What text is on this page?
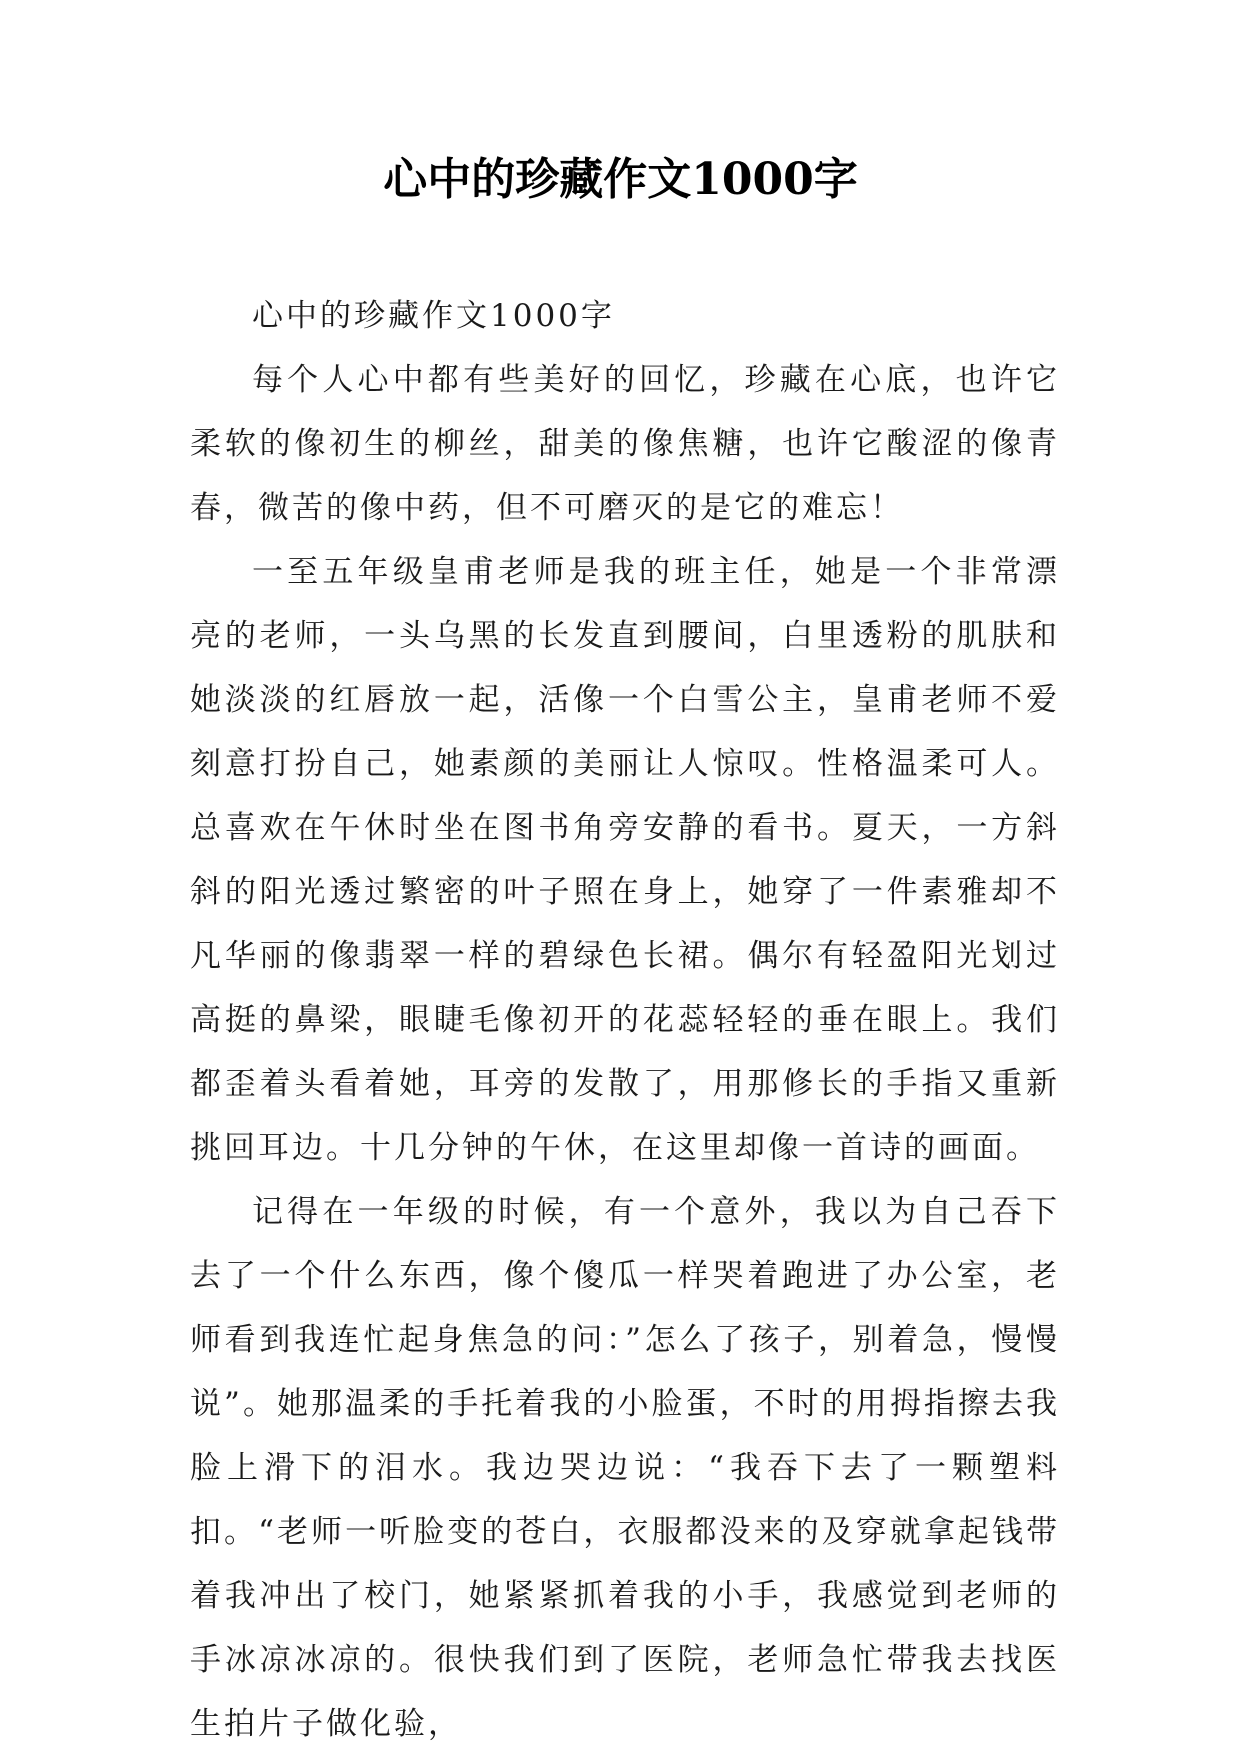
心中的珍藏作文1000字

心中的珍藏作文1000字

每个人心中都有些美好的回忆，珍藏在心底，也许它柔软的像初生的柳丝，甜美的像焦糖，也许它酸涩的像青春，微苦的像中药，但不可磨灭的是它的难忘！

一至五年级皇甫老师是我的班主任，她是一个非常漂亮的老师，一头乌黑的长发直到腰间，白里透粉的肌肤和她淡淡的红唇放一起，活像一个白雪公主，皇甫老师不爱刻意打扮自己，她素颜的美丽让人惊叹。性格温柔可人。总喜欢在午休时坐在图书角旁安静的看书。夏天，一方斜斜的阳光透过繁密的叶子照在身上，她穿了一件素雅却不凡华丽的像翡翠一样的碧绿色长裙。偶尔有轻盈阳光划过高挺的鼻梁，眼睫毛像初开的花蕊轻轻的垂在眼上。我们都歪着头看着她，耳旁的发散了，用那修长的手指又重新挑回耳边。十几分钟的午休，在这里却像一首诗的画面。

记得在一年级的时候，有一个意外，我以为自己吞下去了一个什么东西，像个傻瓜一样哭着跑进了办公室，老师看到我连忙起身焦急的问：”怎么了孩子，别着急，慢慢说”。她那温柔的手托着我的小脸蛋，不时的用拇指擦去我脸上滑下的泪水。我边哭边说：“我吞下去了一颗塑料扣。“老师一听脸变的苍白，衣服都没来的及穿就拿起钱带着我冲出了校门，她紧紧抓着我的小手，我感觉到老师的手冰凉冰凉的。很快我们到了医院，老师急忙带我去找医生拍片子做化验，
